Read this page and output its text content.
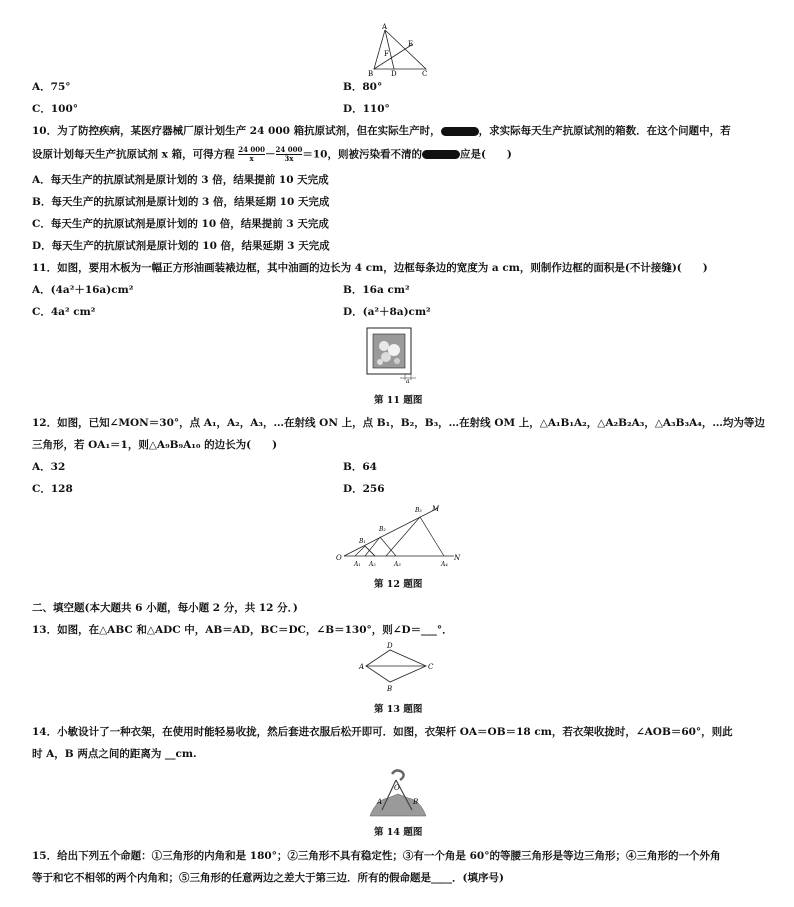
A
E
F
B	D	C
A．75°	B．80°
C．100°	D．110°
10．为了防控疾病，某医疗器械厂原计划生产 24 000 箱抗原试剂，但在实际生产时，	，求实际每天生产抗原试剂的箱数．在这个问题中，若
设原计划每天生产抗原试剂 x 箱，可得方程 $\frac{24 000}{x} - \frac{24 000}{3x} =10$，则被污染看不清的	应是(　　)
A．每天生产的抗原试剂是原计划的 3 倍，结果提前 10 天完成
B．每天生产的抗原试剂是原计划的 3 倍，结果延期 10 天完成
C．每天生产的抗原试剂是原计划的 10 倍，结果提前 3 天完成
D．每天生产的抗原试剂是原计划的 10 倍，结果延期 3 天完成
11．如图，要用木板为一幅正方形油画装裱边框，其中油画的边长为 4 cm，边框每条边的宽度为 a cm，则制作边框的面积是(不计接缝)(　　)
A．(4a²＋16a)cm²	B．16a cm²
C．4a² cm²	D．(a²＋8a)cm²
a
第 11 题图
12．如图，已知∠MON＝30°，点 A₁，A₂，A₃，…在射线 ON 上，点 B₁，B₂，B₃，…在射线 OM 上，△A₁B₁A₂，△A₂B₂A₃，△A₃B₃A₄，…均为等边
三角形，若 OA₁＝1，则△A₉B₉A₁₀ 的边长为(　　)
A．32	B．64
C．128	D．256
O
A₁ A₂	A₃	A₄
B₁
B₂
B₃ M
N
第 12 题图
二、填空题(本大题共 6 小题，每小题 2 分，共 12 分．)
13．如图，在△ABC 和△ADC 中，AB＝AD，BC＝DC，∠B＝130°，则∠D＝___°．
D
A	C
B
第 13 题图
14．小敏设计了一种衣架，在使用时能轻易收拢，然后套进衣服后松开即可．如图，衣架杆 OA＝OB＝18 cm，若衣架收拢时，∠AOB＝60°，则此
时 A，B 两点之间的距离为 __cm.
O
A	B
第 14 题图
15．给出下列五个命题：①三角形的内角和是 180°；②三角形不具有稳定性；③有一个角是 60°的等腰三角形是等边三角形；④三角形的一个外角
等于和它不相邻的两个内角和；⑤三角形的任意两边之差大于第三边．所有的假命题是____．(填序号)
